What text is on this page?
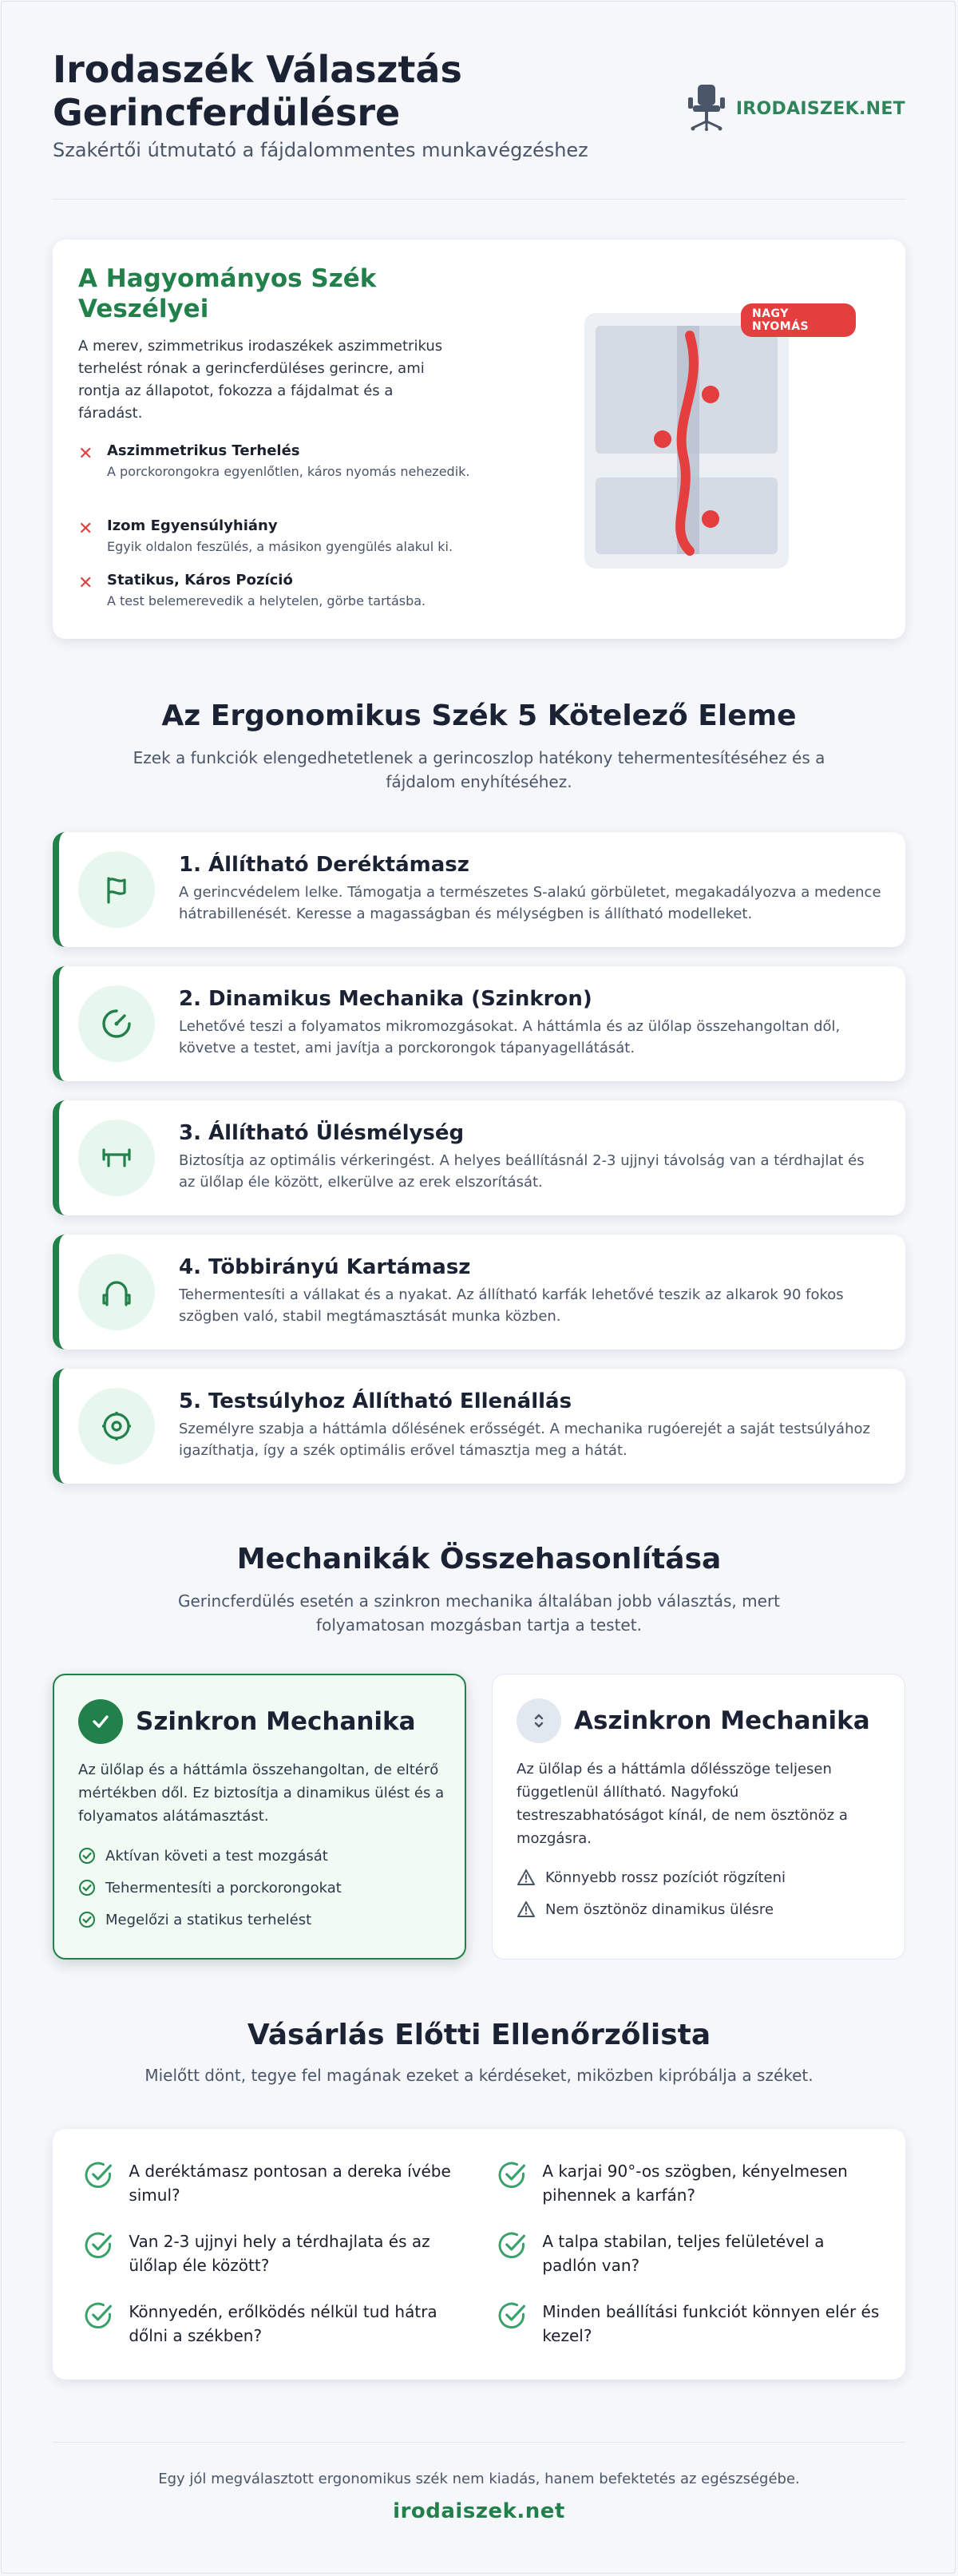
Irodaszék Választás Gerincferdülésre
Szakértői útmutató a fájdalommentes munkavégzéshez
IRODAISZEK.NET
A Hagyományos Szék Veszélyei
A merev, szimmetrikus irodaszékek aszimmetrikus terhelést rónak a gerincferdüléses gerincre, ami rontja az állapotot, fokozza a fájdalmat és a fáradást.
✕ Aszimmetrikus Terhelés
A porckorongokra egyenlőtlen, káros nyomás nehezedik.
✕ Izom Egyensúlyhiány
Egyik oldalon feszülés, a másikon gyengülés alakul ki.
✕ Statikus, Káros Pozíció
A test belemerevedik a helytelen, görbe tartásba.
NAGY NYOMÁS
Az Ergonomikus Szék 5 Kötelező Eleme
Ezek a funkciók elengedhetetlenek a gerincoszlop hatékony tehermentesítéséhez és a fájdalom enyhítéséhez.
1. Állítható Deréktámasz
A gerincvédelem lelke. Támogatja a természetes S-alakú görbületet, megakadályozva a medence hátrabillenését. Keresse a magasságban és mélységben is állítható modelleket.
2. Dinamikus Mechanika (Szinkron)
Lehetővé teszi a folyamatos mikromozgásokat. A háttámla és az ülőlap összehangoltan dől, követve a testet, ami javítja a porckorongok tápanyagellátását.
3. Állítható Ülésmélység
Biztosítja az optimális vérkeringést. A helyes beállításnál 2-3 ujjnyi távolság van a térdhajlat és az ülőlap éle között, elkerülve az erek elszorítását.
4. Többirányú Kartámasz
Tehermentesíti a vállakat és a nyakat. Az állítható karfák lehetővé teszik az alkarok 90 fokos szögben való, stabil megtámasztását munka közben.
5. Testsúlyhoz Állítható Ellenállás
Személyre szabja a háttámla dőlésének erősségét. A mechanika rugóerejét a saját testsúlyához igazíthatja, így a szék optimális erővel támasztja meg a hátát.
Mechanikák Összehasonlítása
Gerincferdülés esetén a szinkron mechanika általában jobb választás, mert folyamatosan mozgásban tartja a testet.
Szinkron Mechanika
Az ülőlap és a háttámla összehangoltan, de eltérő mértékben dől. Ez biztosítja a dinamikus ülést és a folyamatos alátámasztást.
Aktívan követi a test mozgását
Tehermentesíti a porckorongokat
Megelőzi a statikus terhelést
Aszinkron Mechanika
Az ülőlap és a háttámla dőlésszöge teljesen függetlenül állítható. Nagyfokú testreszabhatóságot kínál, de nem ösztönöz a mozgásra.
Könnyebb rossz pozíciót rögzíteni
Nem ösztönöz dinamikus ülésre
Vásárlás Előtti Ellenőrzőlista
Mielőtt dönt, tegye fel magának ezeket a kérdéseket, miközben kipróbálja a széket.
A deréktámasz pontosan a dereka ívébe simul?
A karjai 90°-os szögben, kényelmesen pihennek a karfán?
Van 2-3 ujjnyi hely a térdhajlata és az ülőlap éle között?
A talpa stabilan, teljes felületével a padlón van?
Könnyedén, erőlködés nélkül tud hátra dőlni a székben?
Minden beállítási funkciót könnyen elér és kezel?
Egy jól megválasztott ergonomikus szék nem kiadás, hanem befektetés az egészségébe.
irodaiszek.net
